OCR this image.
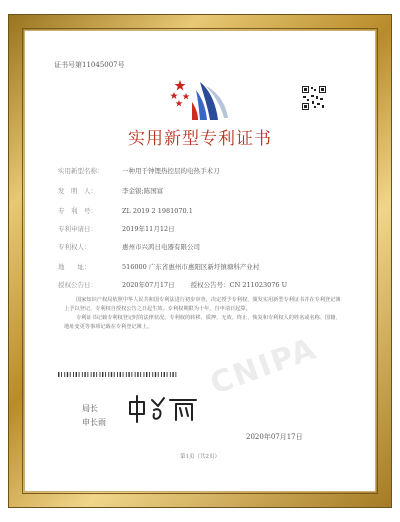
CNIPA
证书号第11045007号
实用新型专利证书
实用新型名称：	一种用于钟锂热控层的电热手术刀
发　明　人：	李金银;陈国富
专　利　号：	ZL 2019 2 1981070.1
专利申请日：	2019年11月12日
专利权人：	惠州市兴鸿日电器有限公司
地　　址：	516000 广东省惠州市惠阳区新圩镇塘科产业村
授权公告日：	2020年07月17日 授权公告号：CN 211023076 U

国家知识产权局依照中华人民共和国专利法进行初步审查，决定授予专利权，颁发实用新型专利证书并在专利登记簿上予以登记。专利权自授权公告之日起生效。专利权期限为十年，自申请日起算。

专利证书记载专利权登记时的法律状况。专利权的转移、质押、无效、终止、恢复和专利权人的姓名或名称、国籍、地址变更等事项记载在专利登记簿上。

局长
申长雨
2020年07月17日
第1页（共2页）
